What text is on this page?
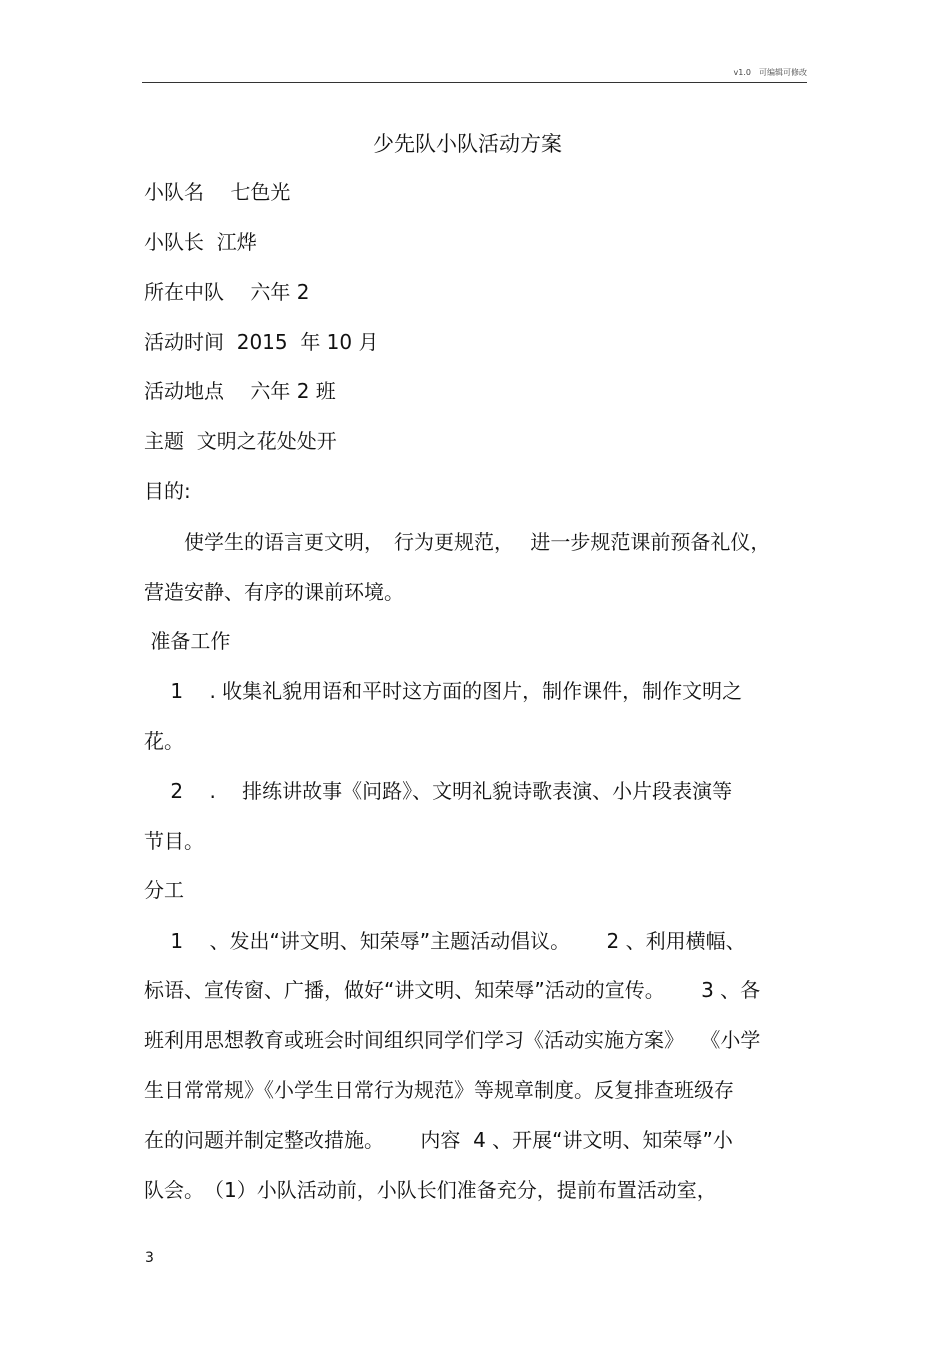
v1.0　可编辑可修改
少先队小队活动方案
小队名　 七色光
小队长  江烨
所在中队　 六年 2
活动时间  2015  年 10 月
活动地点　 六年 2 班
主题  文明之花处处开
目的:
　　使学生的语言更文明，　行为更规范，　 进一步规范课前预备礼仪，
营造安静、有序的课前环境。
准备工作
　 1 　. 收集礼貌用语和平时这方面的图片，制作课件，制作文明之
花。
　 2 　.　 排练讲故事《问路》、文明礼貌诗歌表演、小片段表演等
节目。
分工
　 1 　、发出“讲文明、知荣辱”主题活动倡议。　　 2 、利用横幅、
标语、宣传窗、广播，做好“讲文明、知荣辱”活动的宣传。　　 3 、各
班利用思想教育或班会时间组织同学们学习《活动实施方案》　 《小学
生日常常规》《小学生日常行为规范》等规章制度。反复排查班级存
在的问题并制定整改措施。　　 内容  4 、开展“讲文明、知荣辱”小
队会。　（1）小队活动前，小队长们准备充分，提前布置活动室，
3
